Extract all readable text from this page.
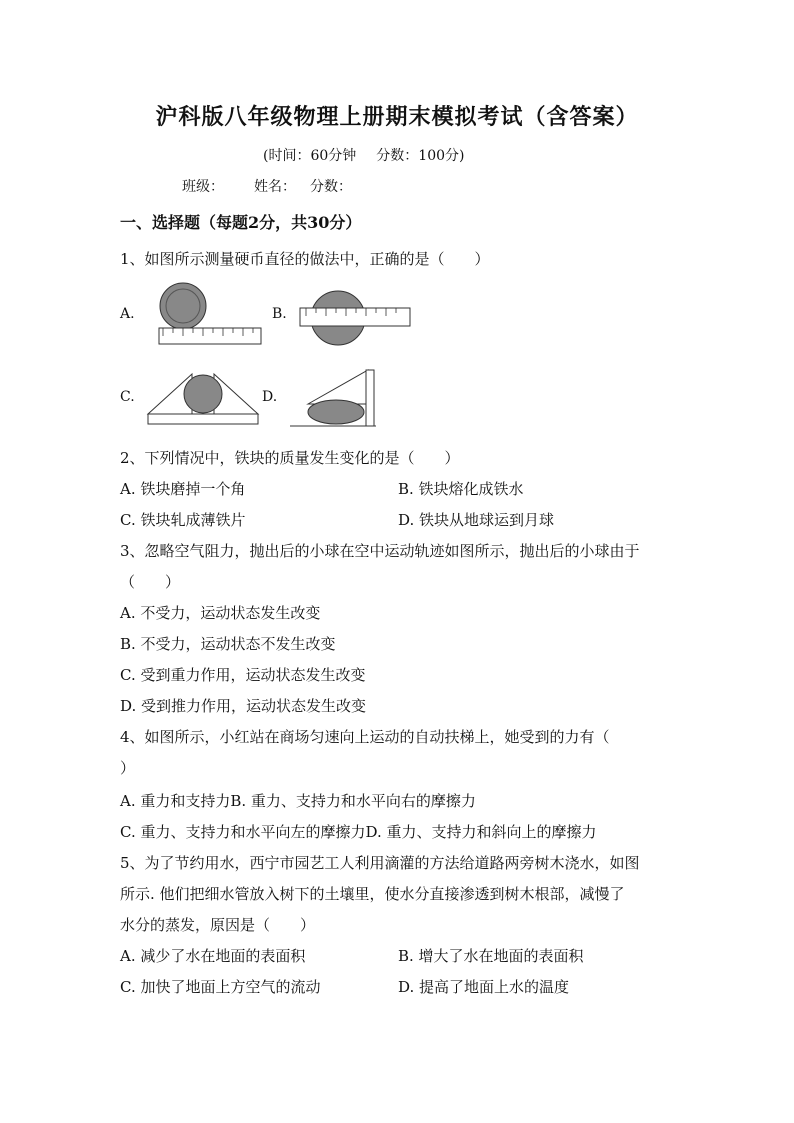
沪科版八年级物理上册期末模拟考试（含答案）
(时间：60分钟 分数：100分)
班级： 姓名： 分数：
一、选择题（每题2分，共30分）
1、如图所示测量硬币直径的做法中，正确的是（　　）
A.	B.
C.	D.
2、下列情况中，铁块的质量发生变化的是（　　）
A. 铁块磨掉一个角	B. 铁块熔化成铁水
C. 铁块轧成薄铁片	D. 铁块从地球运到月球
3、忽略空气阻力，抛出后的小球在空中运动轨迹如图所示，抛出后的小球由于
（　　）
A. 不受力，运动状态发生改变
B. 不受力，运动状态不发生改变
C. 受到重力作用，运动状态发生改变
D. 受到推力作用，运动状态发生改变
4、如图所示，小红站在商场匀速向上运动的自动扶梯上，她受到的力有（
）
A. 重力和支持力B. 重力、支持力和水平向右的摩擦力
C. 重力、支持力和水平向左的摩擦力D. 重力、支持力和斜向上的摩擦力
5、为了节约用水，西宁市园艺工人利用滴灌的方法给道路两旁树木浇水，如图
所示. 他们把细水管放入树下的土壤里，使水分直接渗透到树木根部，减慢了
水分的蒸发，原因是（　　）
A. 减少了水在地面的表面积	B. 增大了水在地面的表面积
C. 加快了地面上方空气的流动	D. 提高了地面上水的温度
